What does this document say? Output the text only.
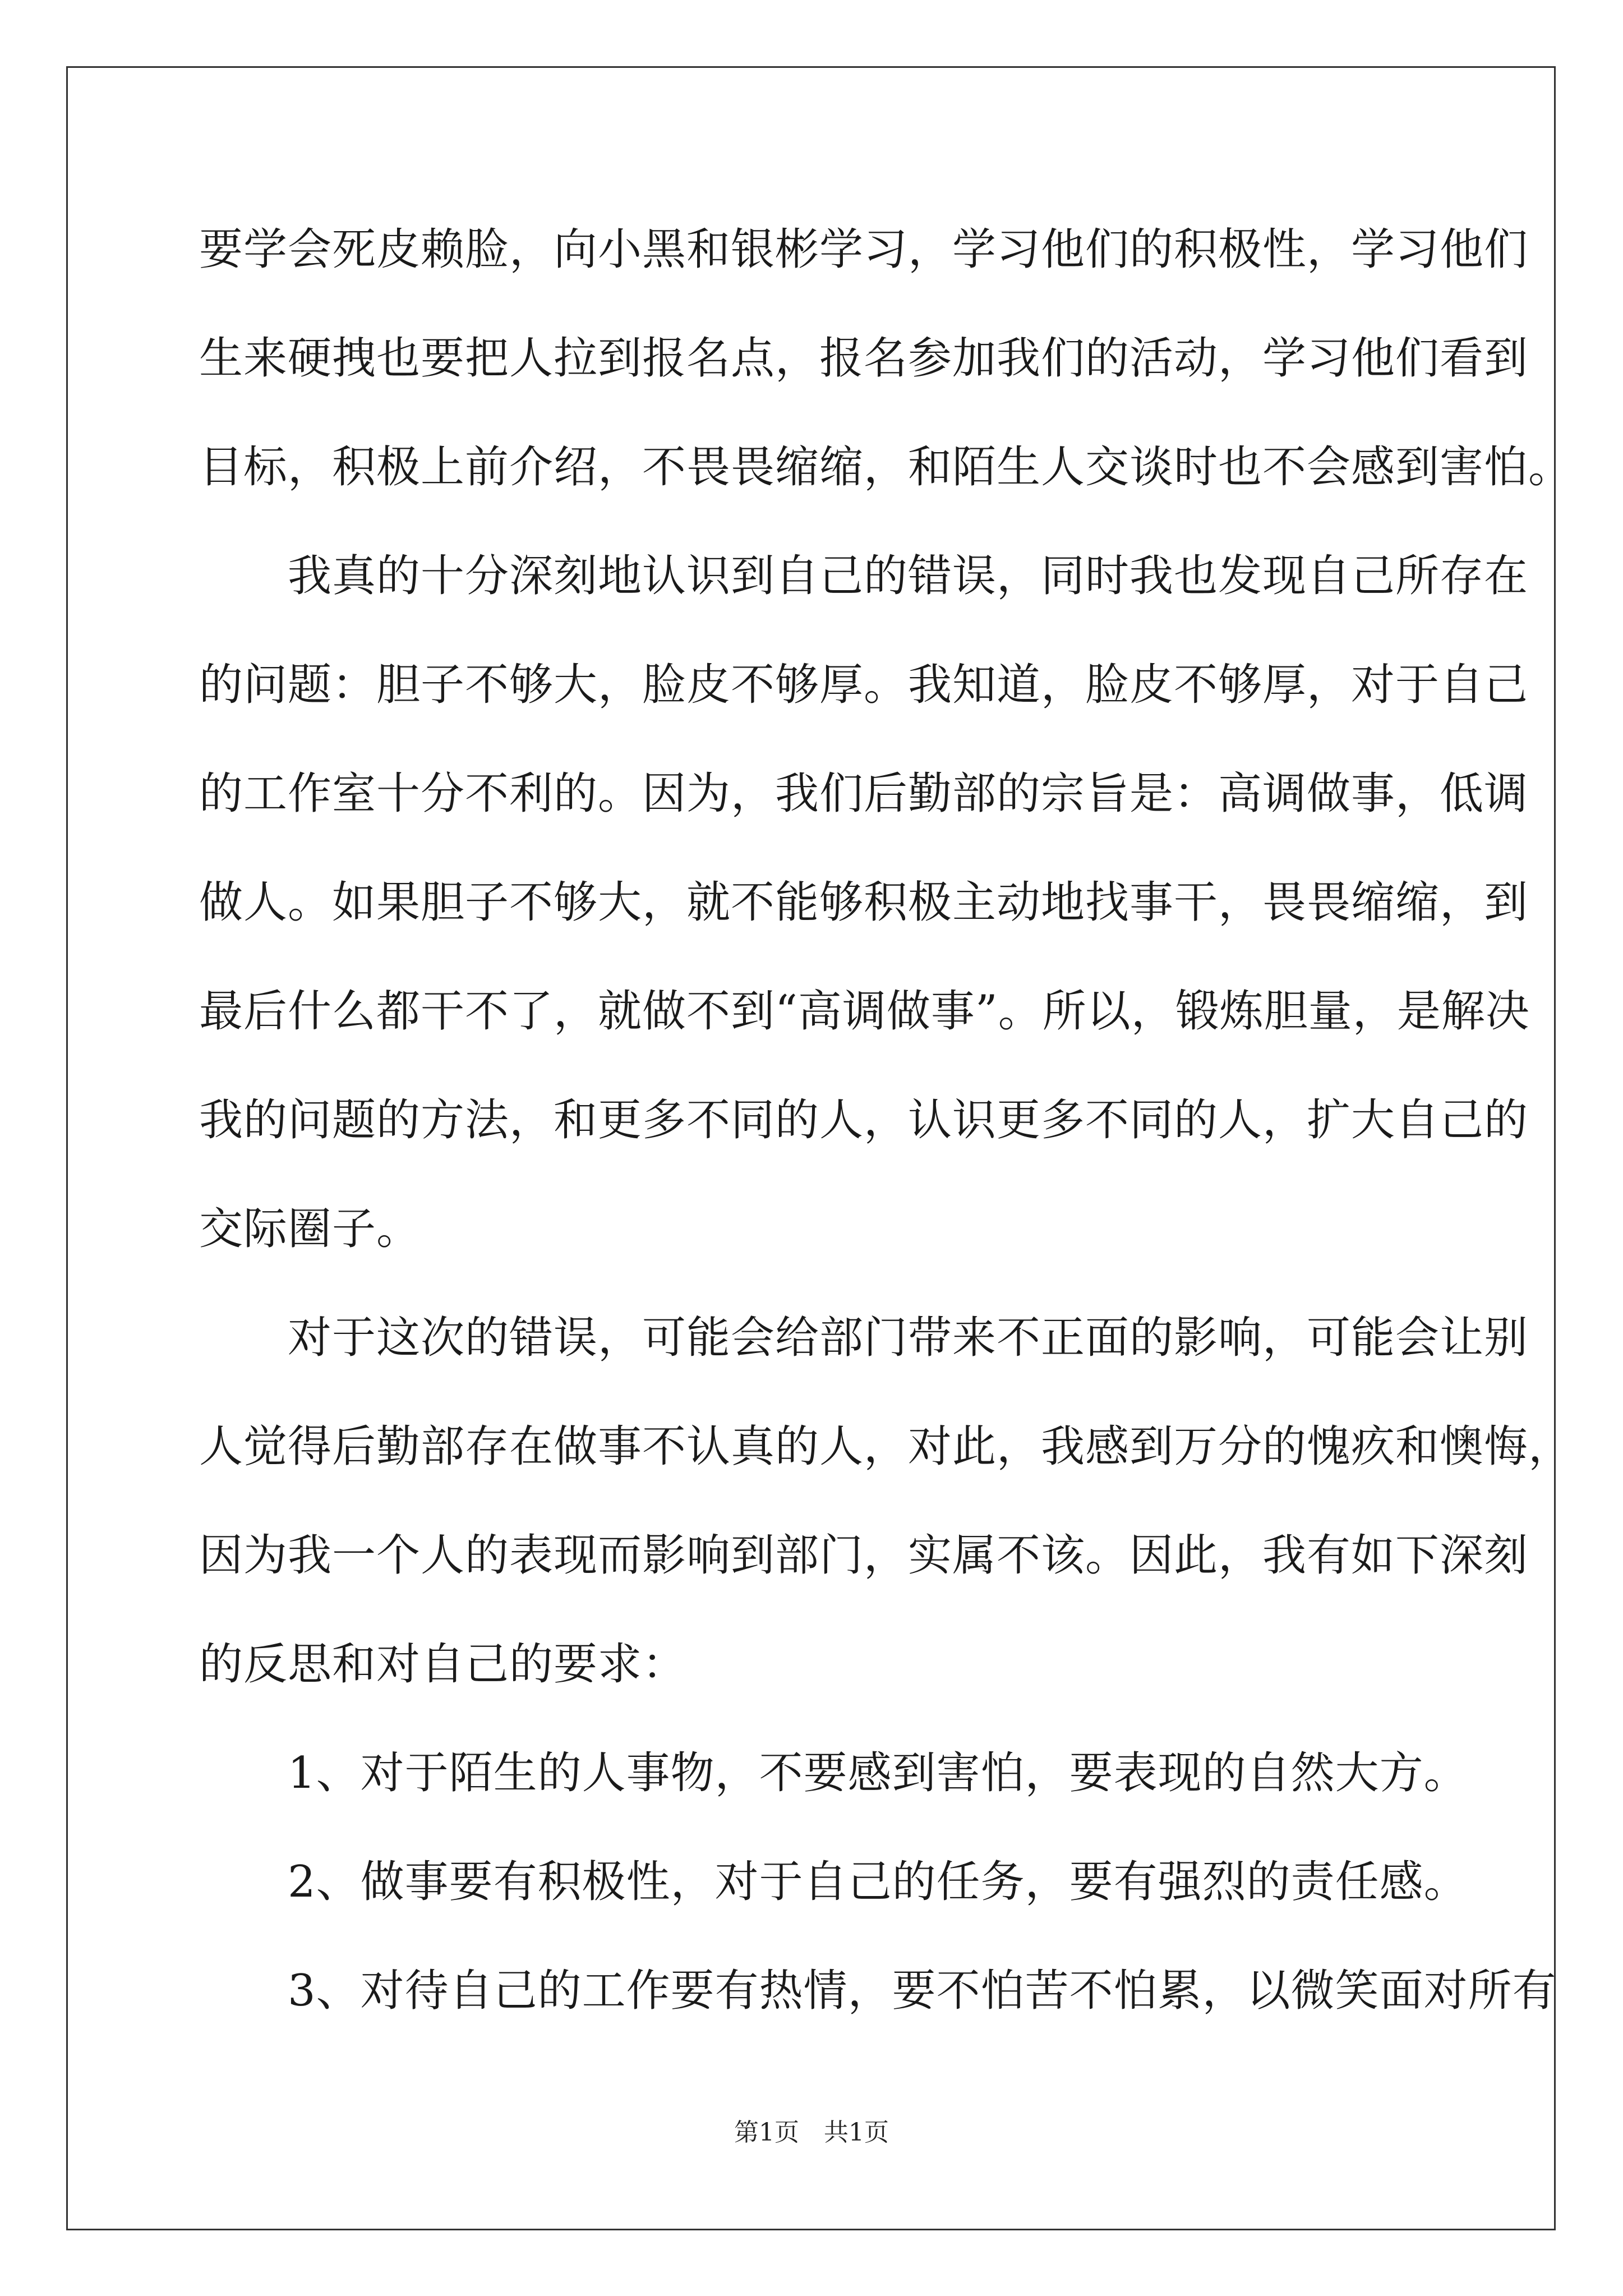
要学会死皮赖脸，向小黑和银彬学习，学习他们的积极性，学习他们
生来硬拽也要把人拉到报名点，报名参加我们的活动，学习他们看到
目标，积极上前介绍，不畏畏缩缩，和陌生人交谈时也不会感到害怕。
　　我真的十分深刻地认识到自己的错误，同时我也发现自己所存在
的问题：胆子不够大，脸皮不够厚。我知道，脸皮不够厚，对于自己
的工作室十分不利的。因为，我们后勤部的宗旨是：高调做事，低调
做人。如果胆子不够大，就不能够积极主动地找事干，畏畏缩缩，到
最后什么都干不了，就做不到“高调做事”。所以，锻炼胆量，是解决
我的问题的方法，和更多不同的人，认识更多不同的人，扩大自己的
交际圈子。
　　对于这次的错误，可能会给部门带来不正面的影响，可能会让别
人觉得后勤部存在做事不认真的人，对此，我感到万分的愧疚和懊悔，
因为我一个人的表现而影响到部门，实属不该。因此，我有如下深刻
的反思和对自己的要求：
　　1、对于陌生的人事物，不要感到害怕，要表现的自然大方。
　　2、做事要有积极性，对于自己的任务，要有强烈的责任感。
　　3、对待自己的工作要有热情，要不怕苦不怕累，以微笑面对所有
第1页　共1页
